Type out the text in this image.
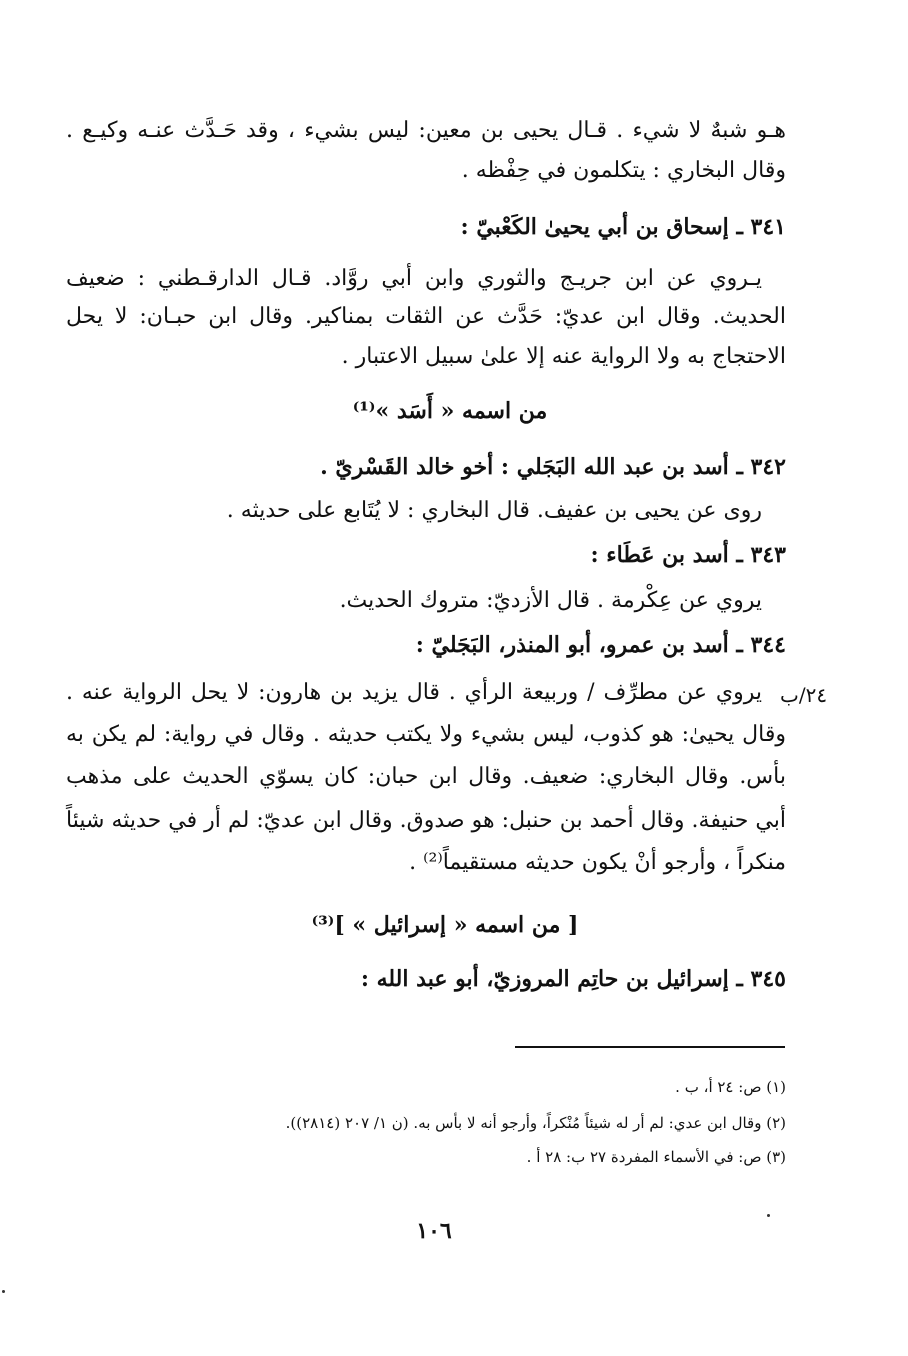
هـو شبهٌ لا شيء . قـال يحيى بن معين: ليس بشيء ، وقد حَـدَّث عنـه وكيـع .
وقال البخاري : يتكلمون في حِفْظه .
٣٤١ ـ إسحاق بن أبي يحيىٰ الكَعْبيّ :
يـروي عن ابن جريـج والثوري وابن أبي روَّاد. قـال الدارقـطني : ضعيف
الحديث. وقال ابن عديّ: حَدَّث عن الثقات بمناكير. وقال ابن حبـان: لا يحل
الاحتجاج به ولا الرواية عنه إلا علىٰ سبيل الاعتبار .
من اسمه « أَسَد »⁽¹⁾
٣٤٢ ـ أسد بن عبد الله البَجَلي : أخو خالد القَسْريّ .
روى عن يحيى بن عفيف. قال البخاري : لا يُتَابع على حديثه .
٣٤٣ ـ أسد بن عَطَاء :
يروي عن عِكْرمة . قال الأزديّ: متروك الحديث.
٣٤٤ ـ أسد بن عمرو، أبو المنذر، البَجَليّ :
يروي عن مطرِّف / وربيعة الرأي . قال يزيد بن هارون: لا يحل الرواية عنه .
وقال يحيىٰ: هو كذوب، ليس بشيء ولا يكتب حديثه . وقال في رواية: لم يكن به
بأس. وقال البخاري: ضعيف. وقال ابن حبان: كان يسوّي الحديث على مذهب
أبي حنيفة. وقال أحمد بن حنبل: هو صدوق. وقال ابن عديّ: لم أر في حديثه شيئاً
منكراً ، وأرجو أنْ يكون حديثه مستقيماً⁽²⁾ .
٢٤/ب
[ من اسمه « إسرائيل » ]⁽³⁾
٣٤٥ ـ إسرائيل بن حاتِم المروزيّ، أبو عبد الله :
(١) ص: ٢٤ أ، ب .
(٢) وقال ابن عدي: لم أر له شيئاً مُنْكراً، وأرجو أنه لا بأس به. (ن ١/ ٢٠٧ (٢٨١٤)).
(٣) ص: في الأسماء المفردة ٢٧ ب: ٢٨ أ .
١٠٦
